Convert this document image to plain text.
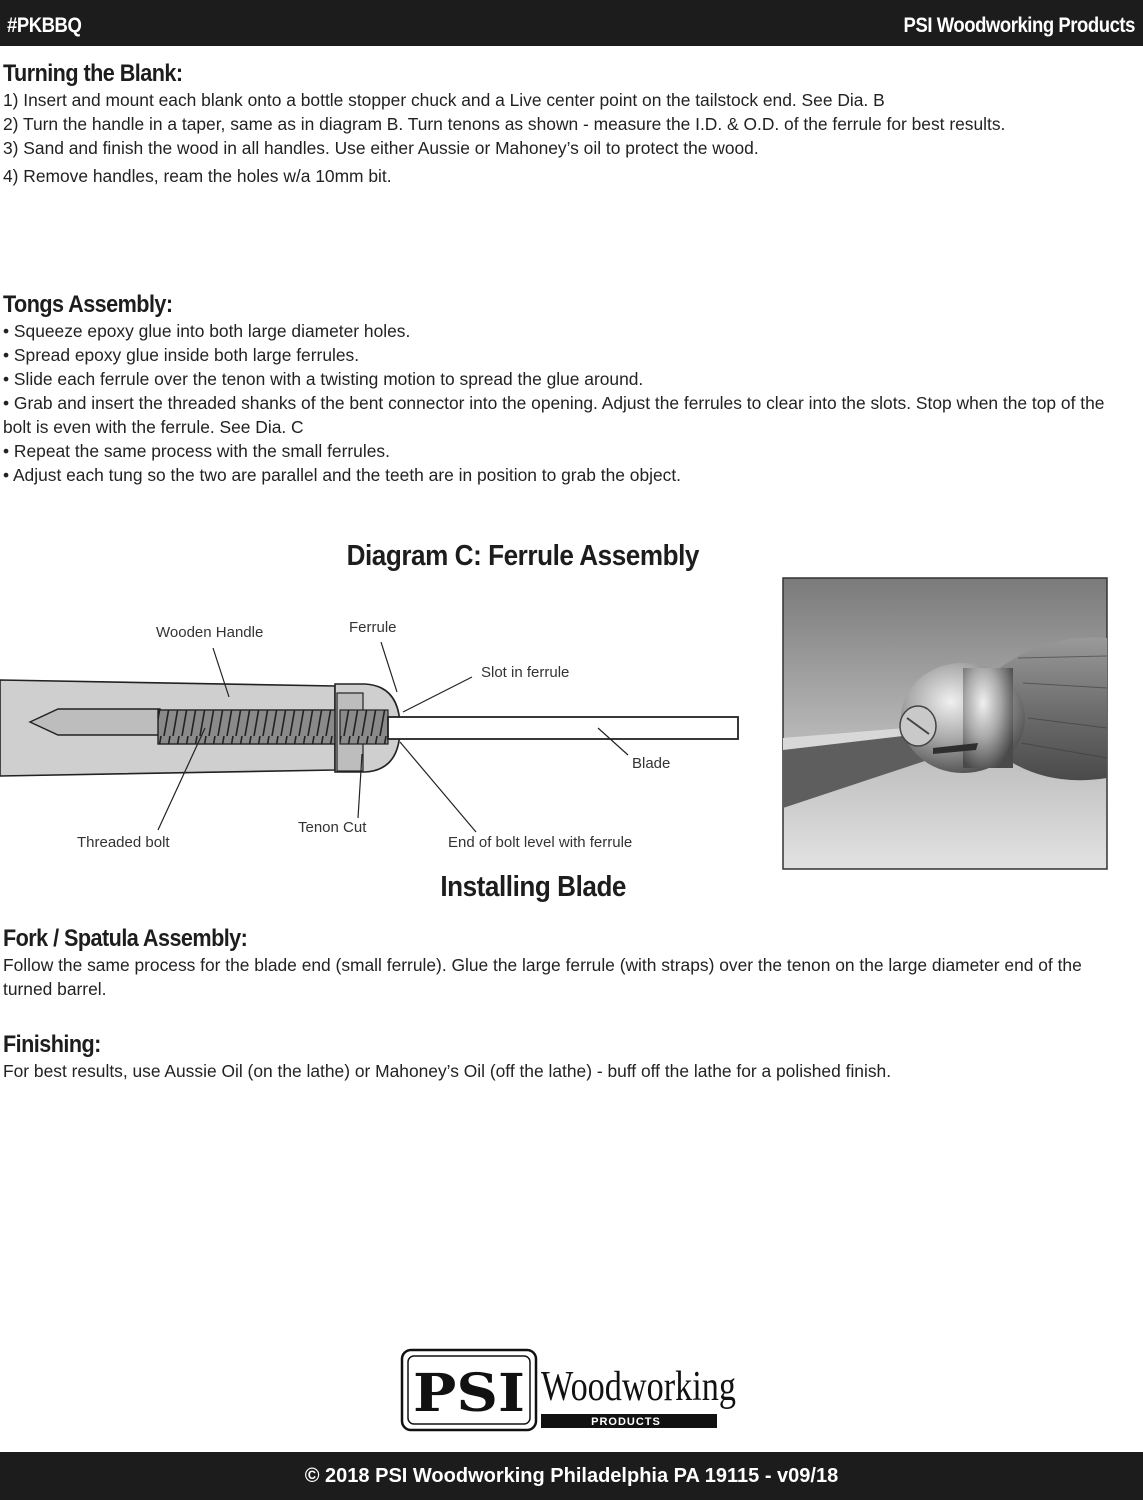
#PKBBQ	PSI Woodworking Products
Turning the Blank:

1) Insert and mount each blank onto a bottle stopper chuck and a Live center point on the tailstock end. See Dia. B

2) Turn the handle in a taper, same as in diagram B. Turn tenons as shown - measure the I.D. & O.D. of the ferrule for best results.

3) Sand and finish the wood in all handles. Use either Aussie or Mahoney’s oil to protect the wood.

4) Remove handles, ream the holes w/a 10mm bit.

Tongs Assembly:

• Squeeze epoxy glue into both large diameter holes.

• Spread epoxy glue inside both large ferrules.

• Slide each ferrule over the tenon with a twisting motion to spread the glue around.

• Grab and insert the threaded shanks of the bent connector into the opening. Adjust the ferrules to clear into the slots. Stop when the top of the bolt is even with the ferrule. See Dia. C

• Repeat the same process with the small ferrules.

• Adjust each tung so the two are parallel and the teeth are in position to grab the object.

Diagram C: Ferrule Assembly
Wooden Handle	Ferrule
Slot in ferrule
Blade
Threaded bolt
Tenon Cut
End of bolt level with ferrule
Installing Blade
Fork / Spatula Assembly:

Follow the same process for the blade end (small ferrule). Glue the large ferrule (with straps) over the tenon on the large diameter end of the turned barrel.

Finishing:

For best results, use Aussie Oil (on the lathe) or Mahoney’s Oil (off the lathe) - buff off the lathe for a polished finish.

PSI Woodworking
PRODUCTS
© 2018 PSI Woodworking Philadelphia PA 19115 - v09/18
